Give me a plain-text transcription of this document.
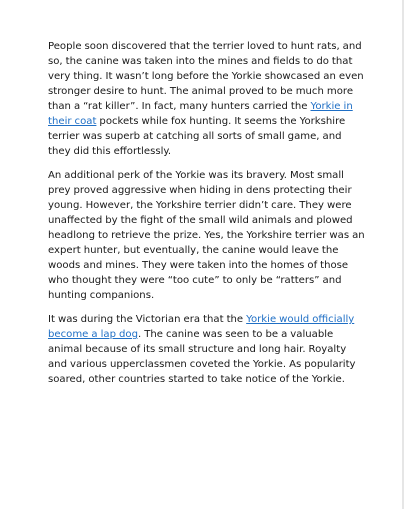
People soon discovered that the terrier loved to hunt rats, and so, the canine was taken into the mines and fields to do that very thing. It wasn’t long before the Yorkie showcased an even stronger desire to hunt. The animal proved to be much more than a “rat killer”. In fact, many hunters carried the Yorkie in their coat pockets while fox hunting. It seems the Yorkshire terrier was superb at catching all sorts of small game, and they did this effortlessly.

An additional perk of the Yorkie was its bravery. Most small prey proved aggressive when hiding in dens protecting their young. However, the Yorkshire terrier didn’t care. They were unaffected by the fight of the small wild animals and plowed headlong to retrieve the prize. Yes, the Yorkshire terrier was an expert hunter, but eventually, the canine would leave the woods and mines. They were taken into the homes of those who thought they were “too cute” to only be “ratters” and hunting companions.

It was during the Victorian era that the Yorkie would officially become a lap dog. The canine was seen to be a valuable animal because of its small structure and long hair. Royalty and various upperclassmen coveted the Yorkie. As popularity soared, other countries started to take notice of the Yorkie.
